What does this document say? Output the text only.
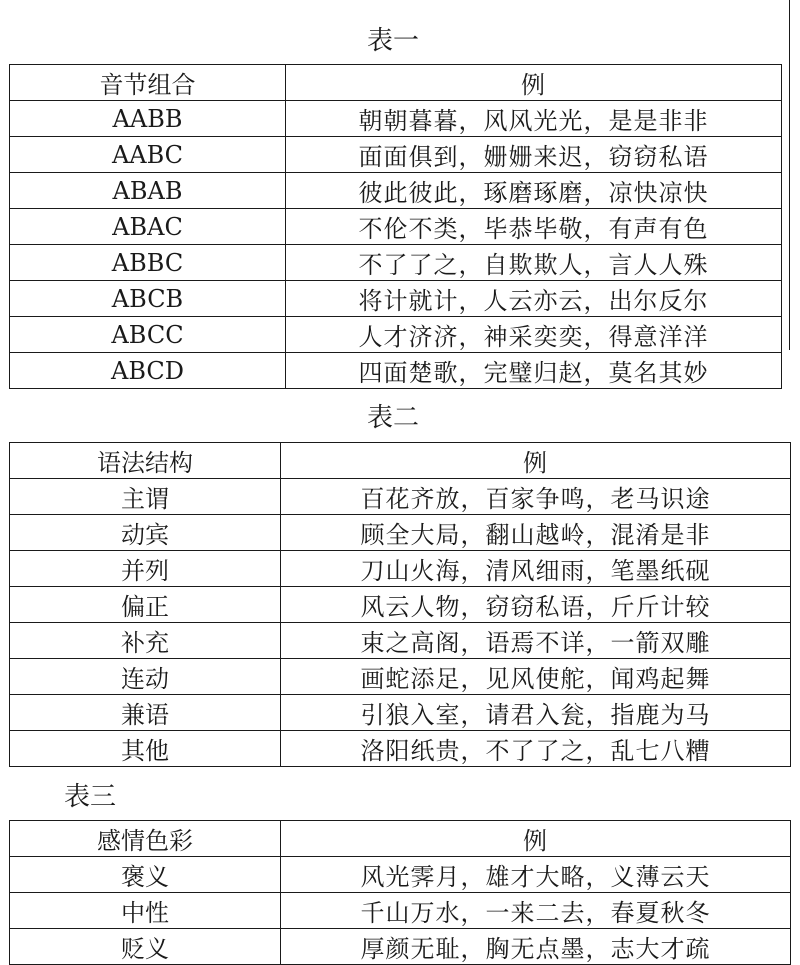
表一
音节组合	例
AABB	朝朝暮暮，风风光光，是是非非
AABC	面面俱到，姗姗来迟，窃窃私语
ABAB	彼此彼此，琢磨琢磨，凉快凉快
ABAC	不伦不类，毕恭毕敬，有声有色
ABBC	不了了之，自欺欺人，言人人殊
ABCB	将计就计，人云亦云，出尔反尔
ABCC	人才济济，神采奕奕，得意洋洋
ABCD	四面楚歌，完璧归赵，莫名其妙
表二
语法结构	例
主谓	百花齐放，百家争鸣，老马识途
动宾	顾全大局，翻山越岭，混淆是非
并列	刀山火海，清风细雨，笔墨纸砚
偏正	风云人物，窃窃私语，斤斤计较
补充	束之高阁，语焉不详，一箭双雕
连动	画蛇添足，见风使舵，闻鸡起舞
兼语	引狼入室，请君入瓮，指鹿为马
其他	洛阳纸贵，不了了之，乱七八糟
表三
感情色彩	例
褒义	风光霁月，雄才大略，义薄云天
中性	千山万水，一来二去，春夏秋冬
贬义	厚颜无耻，胸无点墨，志大才疏
